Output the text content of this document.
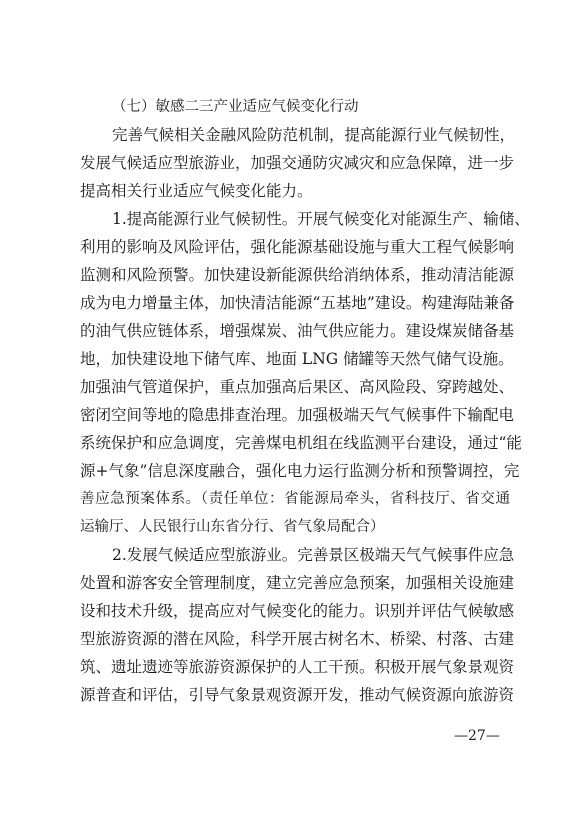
（七）敏感二三产业适应气候变化行动
完善气候相关金融风险防范机制，提高能源行业气候韧性，
发展气候适应型旅游业，加强交通防灾减灾和应急保障，进一步
提高相关行业适应气候变化能力。
1.提高能源行业气候韧性。开展气候变化对能源生产、输储、
利用的影响及风险评估，强化能源基础设施与重大工程气候影响
监测和风险预警。加快建设新能源供给消纳体系，推动清洁能源
成为电力增量主体，加快清洁能源“五基地”建设。构建海陆兼备
的油气供应链体系，增强煤炭、油气供应能力。建设煤炭储备基
地，加快建设地下储气库、地面 LNG 储罐等天然气储气设施。
加强油气管道保护，重点加强高后果区、高风险段、穿跨越处、
密闭空间等地的隐患排查治理。加强极端天气气候事件下输配电
系统保护和应急调度，完善煤电机组在线监测平台建设，通过“能
源+气象”信息深度融合，强化电力运行监测分析和预警调控，完
善应急预案体系。（责任单位：省能源局牵头，省科技厅、省交通
运输厅、人民银行山东省分行、省气象局配合）
2.发展气候适应型旅游业。完善景区极端天气气候事件应急
处置和游客安全管理制度，建立完善应急预案，加强相关设施建
设和技术升级，提高应对气候变化的能力。识别并评估气候敏感
型旅游资源的潜在风险，科学开展古树名木、桥梁、村落、古建
筑、遗址遗迹等旅游资源保护的人工干预。积极开展气象景观资
源普查和评估，引导气象景观资源开发，推动气候资源向旅游资
—27—
